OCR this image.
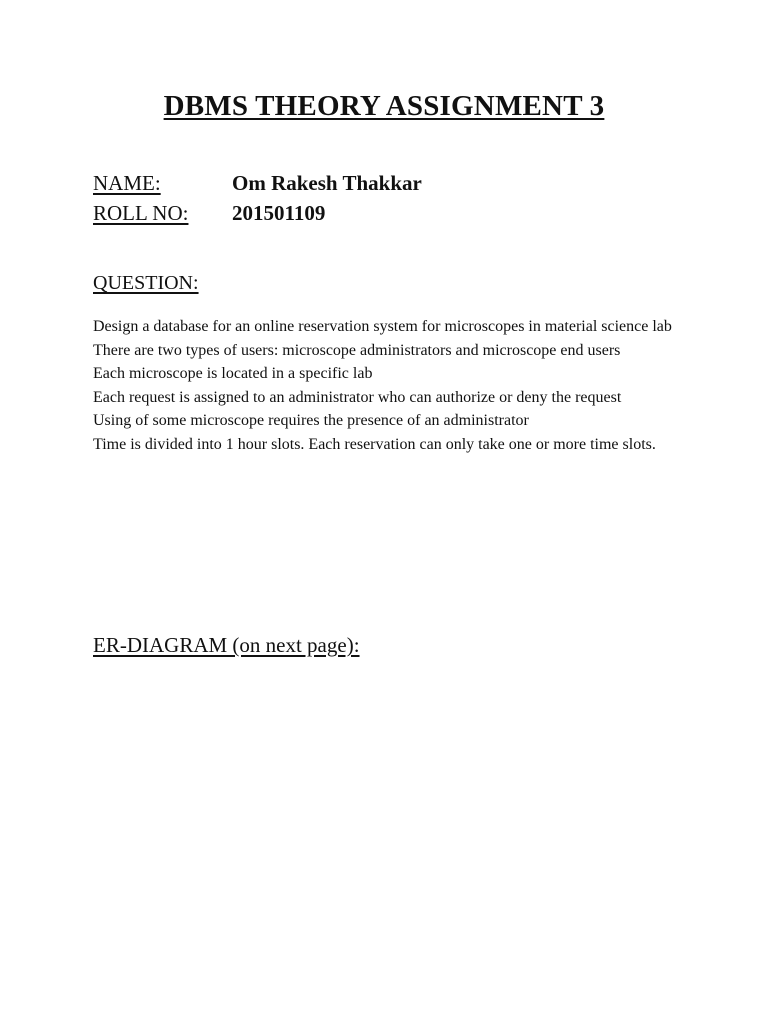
DBMS THEORY ASSIGNMENT 3
NAME:	Om Rakesh Thakkar
ROLL NO: 201501109
QUESTION:

Design a database for an online reservation system for microscopes in material science lab

There are two types of users: microscope administrators and microscope end users

Each microscope is located in a specific lab

Each request is assigned to an administrator who can authorize or deny the request

Using of some microscope requires the presence of an administrator

Time is divided into 1 hour slots. Each reservation can only take one or more time slots.

ER-DIAGRAM (on next page):
